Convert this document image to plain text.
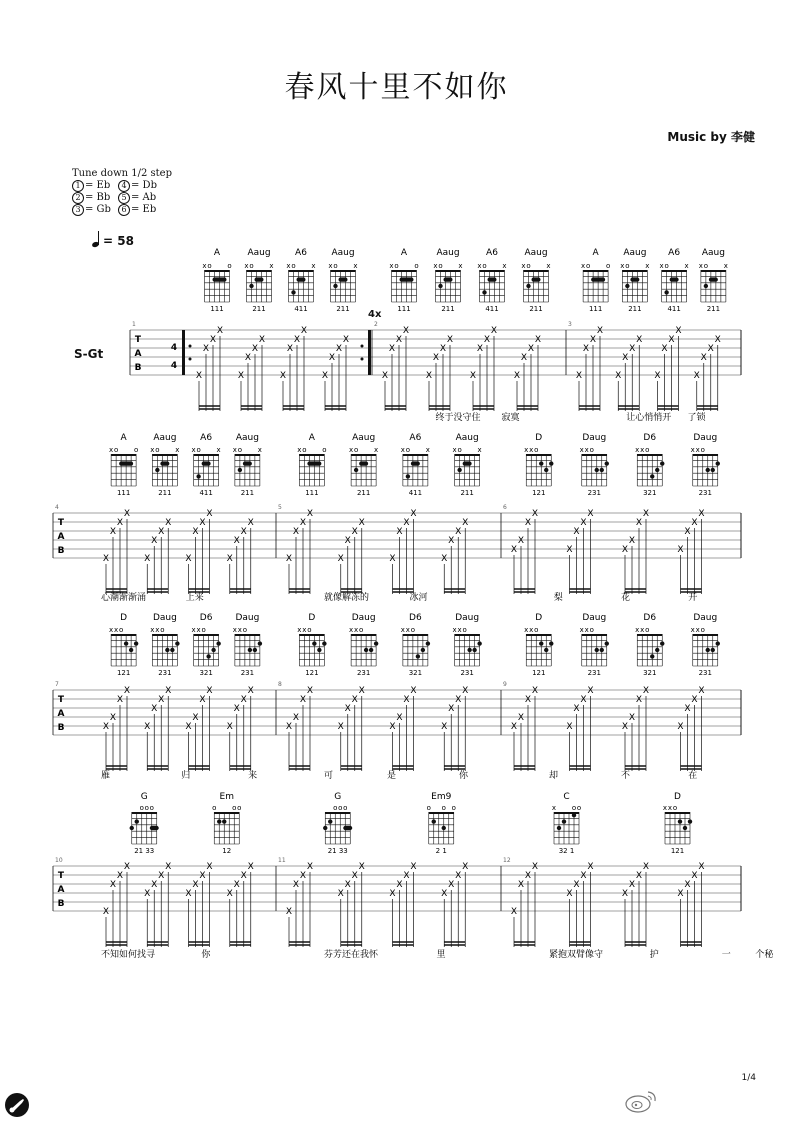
春风十里不如你
Music by 李健
Tune down 1/2 step
1 = Eb 4 = Db
2 = Bb 5 = Ab
3 = Gb 6 = Eb
= 58
S-Gt
4x
T
A
B
4
4
1
A
x o o
111
Aaug
x o x
211
A6
x o x
411
Aaug
x o x
211
X
X
X
X
X
X
X
X
X
X
X
X
X
X
X
X
2
A
x o o
111
Aaug
x o x
211
A6
x o x
411
Aaug
x o x
211
X
X
X
X
X
X
X
X
X
X
X
X
X
X
X
X
终于没守住 寂寞
3
A
x o o
111
Aaug
x o x
211
A6
x o x
411
Aaug
x o x
211
X
X
X
X
X
X
X
X
X
X
X
X
X
X
X
X
让心悄悄开 了锁
T
A
B
4
A
x o o
111
Aaug
x o x
211
A6
x o x
411
Aaug
x o x
211
X
X
X
X
X
X
X
X
X
X
X
X
X
X
X
X
心潮渐渐涌	上来
5
A
x o o
111
Aaug
x o x
211
A6
x o x
411
Aaug
x o x
211
X
X
X
X
X
X
X
X
X
X
X
X
X
X
X
X
就像解冻的	冰河
6
D
x x o
121
Daug
x x o
231
D6
x x o
321
Daug
x x o
231
X
X
X
X
X
X
X
X
X
X
X
X
X
X
X
X
梨	花	开
T
A
B
7
D
x x o
121
Daug
x x o
231
D6
x x o
321
Daug
x x o
231
X
X
X
X
X
X
X
X
X
X
X
X
X
X
X
X
雁	归	来
8
D
x x o
121
Daug
x x o
231
D6
x x o
321
Daug
x x o
231
X
X
X
X
X
X
X
X
X
X
X
X
X
X
X
X
可	是	你
9
D
x x o
121
Daug
x x o
231
D6
x x o
321
Daug
x x o
231
X
X
X
X
X
X
X
X
X
X
X
X
X
X
X
X
却	不	在
T
A
B
10
G
o o o
21 33
Em
o o o
12
X
X
X
X
X
X
X
X
X
X
X
X
X
X
X
X
不知如何找寻	你
11
G
o o o
21 33
Em9
o o o
2 1
X
X
X
X
X
X
X
X
X
X
X
X
X
X
X
X
芬芳还在我怀	里
12
C
x o o
32 1
D
x x o
121
X
X
X
X
X
X
X
X
X
X
X
X
X
X
X
X
紧抱双臂像守	护	一	个秘
1/4
